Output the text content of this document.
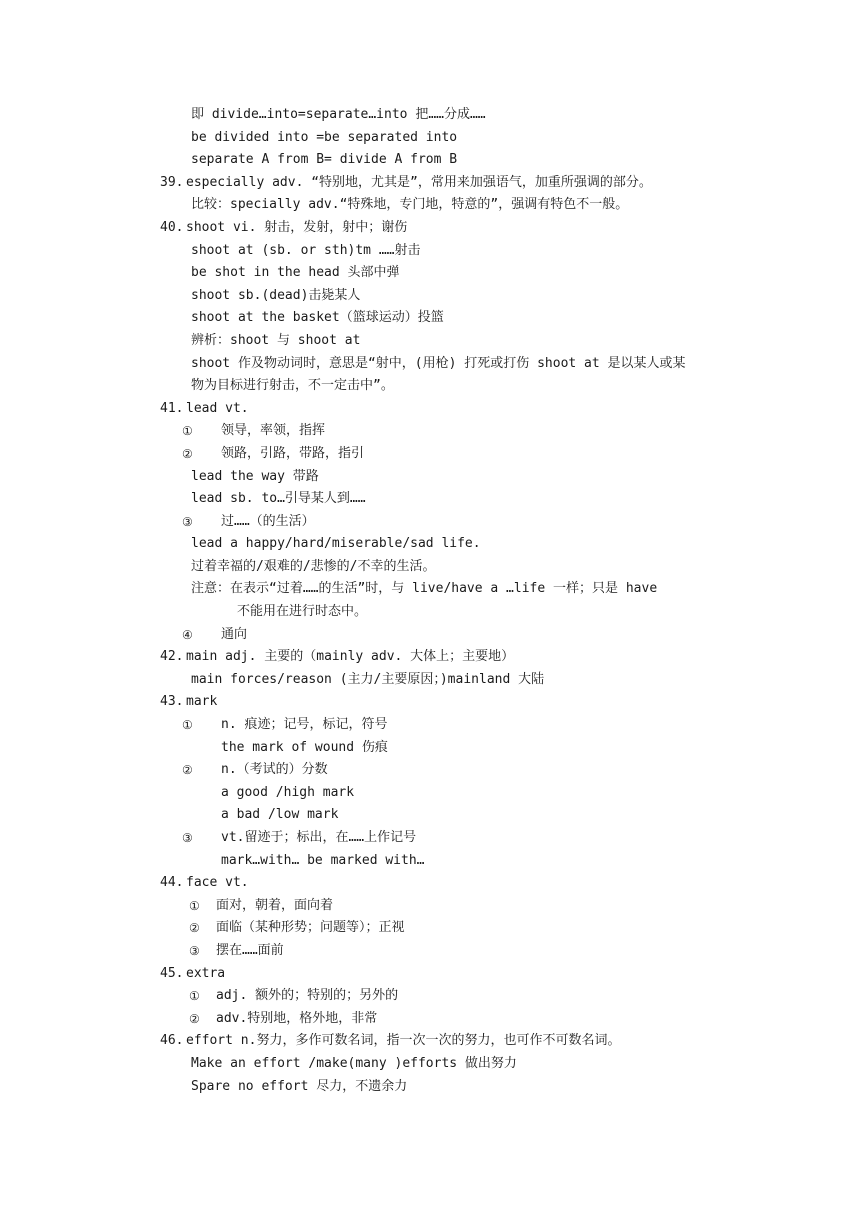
即 divide…into=separate…into 把……分成……
be divided into =be separated into
separate A from B= divide A from B
39. especially adv. “特别地，尤其是”，常用来加强语气，加重所强调的部分。
比较：specially adv.“特殊地，专门地，特意的”，强调有特色不一般。
40. shoot vi. 射击，发射，射中；谢伤
shoot at (sb. or sth)tm ……射击
be shot in the head 头部中弹
shoot sb.(dead)击毙某人
shoot at the basket（篮球运动）投篮
辨析：shoot 与 shoot at
shoot 作及物动词时，意思是“射中，(用枪) 打死或打伤 shoot at 是以某人或某
物为目标进行射击，不一定击中”。
41. lead vt.
① 领导，率领，指挥
② 领路，引路，带路，指引
lead the way 带路
lead sb. to…引导某人到……
③ 过……（的生活）
lead a happy/hard/miserable/sad life.
过着幸福的/艰难的/悲惨的/不幸的生活。
注意：在表示“过着……的生活”时，与 live/have a …life 一样；只是 have
不能用在进行时态中。
④ 通向
42. main adj. 主要的（mainly adv. 大体上；主要地）
main forces/reason (主力/主要原因；)mainland 大陆
43. mark
① n. 痕迹；记号，标记，符号
the mark of wound 伤痕
② n.（考试的）分数
a good /high mark
a bad /low mark
③ vt.留迹于；标出，在……上作记号
mark…with… be marked with…
44. face vt.
① 面对，朝着，面向着
② 面临（某种形势；问题等）；正视
③ 摆在……面前
45. extra
① adj. 额外的；特别的；另外的
② adv.特别地，格外地，非常
46. effort n.努力，多作可数名词，指一次一次的努力，也可作不可数名词。
Make an effort /make(many )efforts 做出努力
Spare no effort 尽力，不遗余力
